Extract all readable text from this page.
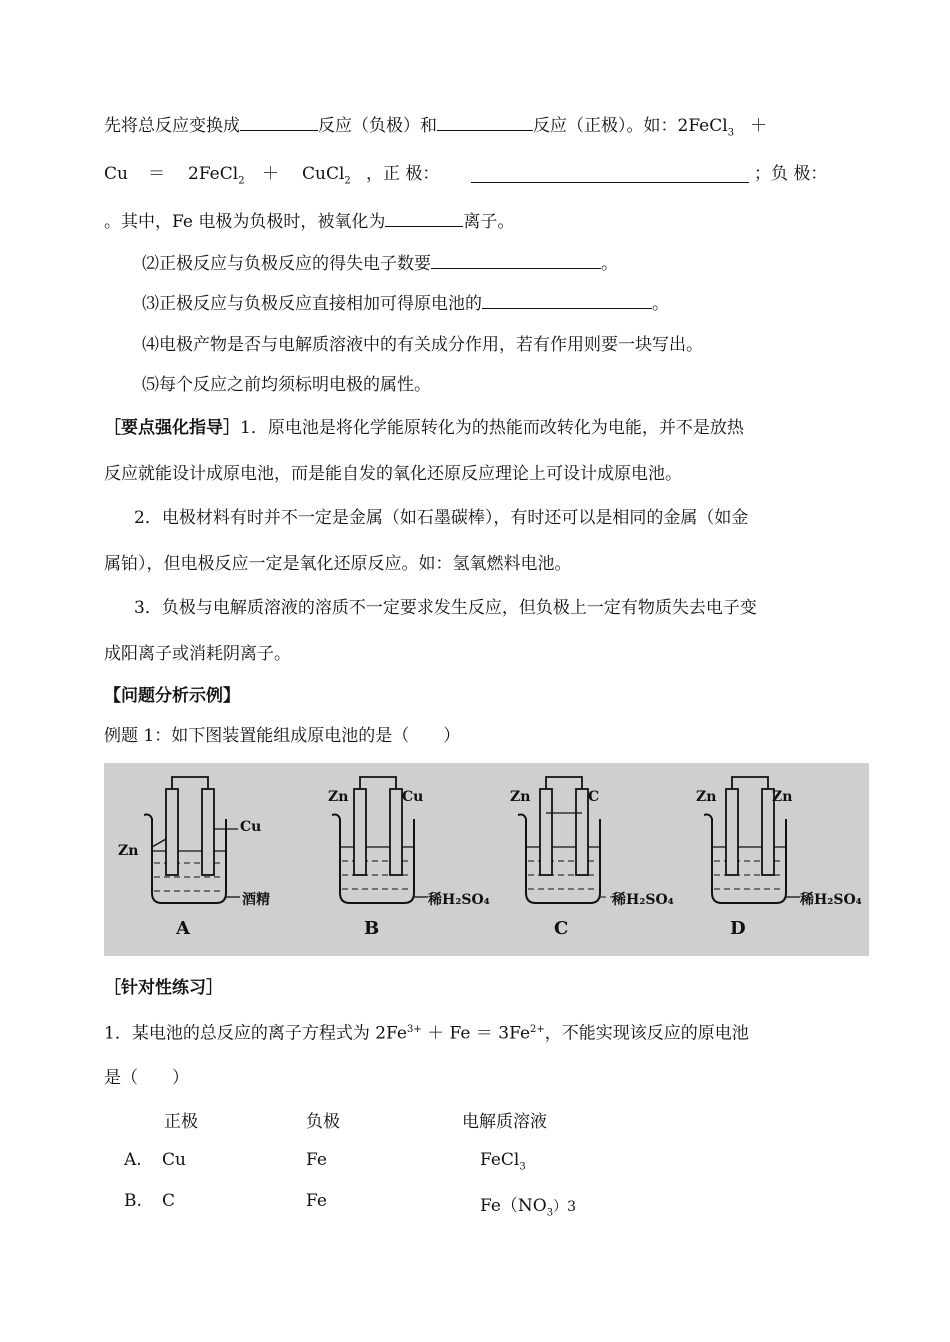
先将总反应变换成	反应（负极）和	反应（正极）。如：2FeCl$_3$ ＋
Cu ＝ 2FeCl$_2$ ＋ CuCl$_2$ ，正 极：	；负 极：
。其中，Fe 电极为负极时，被氧化为	离子。
⑵正极反应与负极反应的得失电子数要	。
⑶正极反应与负极反应直接相加可得原电池的	。
⑷电极产物是否与电解质溶液中的有关成分作用，若有作用则要一块写出。
⑸每个反应之前均须标明电极的属性。
［要点强化指导］1．原电池是将化学能原转化为的热能而改转化为电能，并不是放热
反应就能设计成原电池，而是能自发的氧化还原反应理论上可设计成原电池。
2．电极材料有时并不一定是金属（如石墨碳棒），有时还可以是相同的金属（如金
属铂），但电极反应一定是氧化还原反应。如：氢氧燃料电池。
3．负极与电解质溶液的溶质不一定要求发生反应，但负极上一定有物质失去电子变
成阳离子或消耗阴离子。
【问题分析示例】
例题 1：如下图装置能组成原电池的是（　　）
Zn
Cu
酒精
A
Zn	Cu
稀H₂SO₄
B
Zn	C
稀H₂SO₄
C
Zn	Zn
稀H₂SO₄
D
［针对性练习］
1．某电池的总反应的离子方程式为 $2Fe^{3+} + Fe = 3Fe^{2+}$，不能实现该反应的原电池
是（　　）
正极	负极	电解质溶液
A. Cu	Fe	FeCl$_3$
B. C	Fe	$Fe(NO_3)3$
